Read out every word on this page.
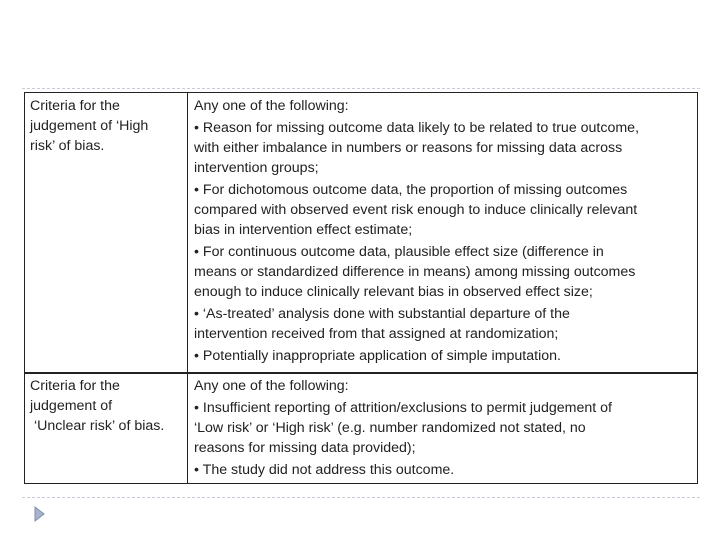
Criteria for the
judgement of ‘High
risk’ of bias.
Any one of the following:
• Reason for missing outcome data likely to be related to true outcome,
with either imbalance in numbers or reasons for missing data across
intervention groups;
• For dichotomous outcome data, the proportion of missing outcomes
compared with observed event risk enough to induce clinically relevant
bias in intervention effect estimate;
• For continuous outcome data, plausible effect size (difference in
means or standardized difference in means) among missing outcomes
enough to induce clinically relevant bias in observed effect size;
• ‘As-treated’ analysis done with substantial departure of the
intervention received from that assigned at randomization;
• Potentially inappropriate application of simple imputation.
Criteria for the
judgement of
‘Unclear risk’ of bias.
Any one of the following:
• Insufficient reporting of attrition/exclusions to permit judgement of
‘Low risk’ or ‘High risk’ (e.g. number randomized not stated, no
reasons for missing data provided);
• The study did not address this outcome.
